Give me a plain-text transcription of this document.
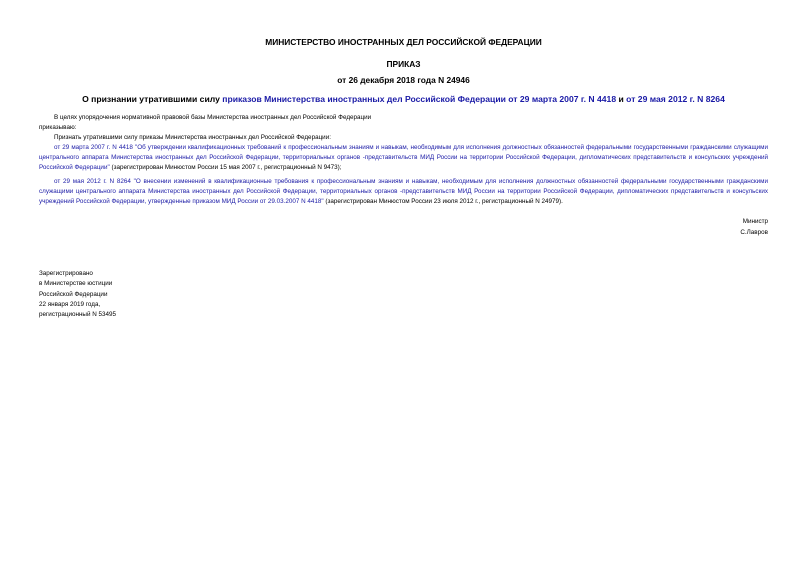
МИНИСТЕРСТВО ИНОСТРАННЫХ ДЕЛ РОССИЙСКОЙ ФЕДЕРАЦИИ
ПРИКАЗ
от 26 декабря 2018 года N 24946
О признании утратившими силу приказов Министерства иностранных дел Российской Федерации от 29 марта 2007 г. N 4418 и от 29 мая 2012 г. N 8264
В целях упорядочения нормативной правовой базы Министерства иностранных дел Российской Федерации
приказываю:
Признать утратившими силу приказы Министерства иностранных дел Российской Федерации:
от 29 марта 2007 г. N 4418 "Об утверждении квалификационных требований к профессиональным знаниям и навыкам, необходимым для исполнения должностных обязанностей федеральными государственными гражданскими служащими центрального аппарата Министерства иностранных дел Российской Федерации, территориальных органов -представительств МИД России на территории Российской Федерации, дипломатических представительств и консульских учреждений Российской Федерации" (зарегистрирован Минюстом России 15 мая 2007 г., регистрационный N 9473);
от 29 мая 2012 г. N 8264 "О внесении изменений в квалификационные требования к профессиональным знаниям и навыкам, необходимым для исполнения должностных обязанностей федеральными государственными гражданскими служащими центрального аппарата Министерства иностранных дел Российской Федерации, территориальных органов -представительств МИД России на территории Российской Федерации, дипломатических представительств и консульских учреждений Российской Федерации, утвержденные приказом МИД России от 29.03.2007 N 4418" (зарегистрирован Минюстом России 23 июля 2012 г., регистрационный N 24979).
Министр
С.Лавров
Зарегистрировано
в Министерстве юстиции
Российской Федерации
22 января 2019 года,
регистрационный N 53495
